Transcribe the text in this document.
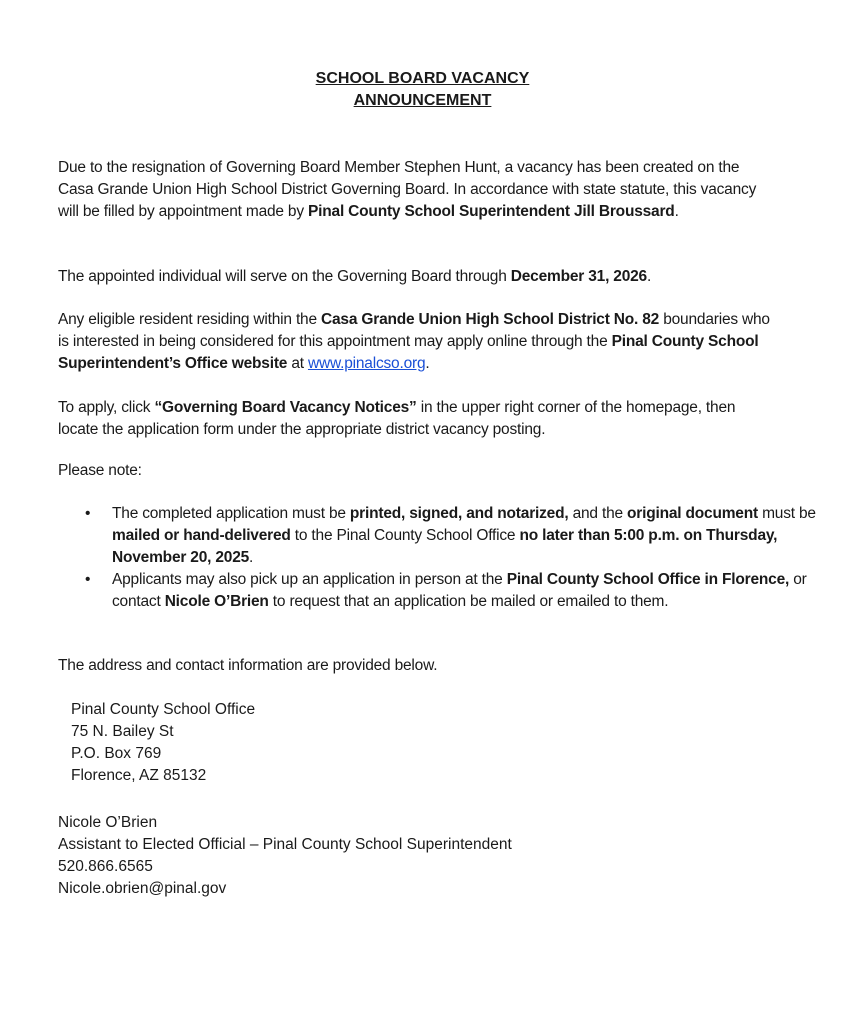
SCHOOL BOARD VACANCY
ANNOUNCEMENT
Due to the resignation of Governing Board Member Stephen Hunt, a vacancy has been created on the Casa Grande Union High School District Governing Board. In accordance with state statute, this vacancy will be filled by appointment made by Pinal County School Superintendent Jill Broussard.
The appointed individual will serve on the Governing Board through December 31, 2026.
Any eligible resident residing within the Casa Grande Union High School District No. 82 boundaries who is interested in being considered for this appointment may apply online through the Pinal County School Superintendent’s Office website at www.pinalcso.org.
To apply, click “Governing Board Vacancy Notices” in the upper right corner of the homepage, then locate the application form under the appropriate district vacancy posting.
Please note:
• The completed application must be printed, signed, and notarized, and the original document must be mailed or hand-delivered to the Pinal County School Office no later than 5:00 p.m. on Thursday, November 20, 2025.
• Applicants may also pick up an application in person at the Pinal County School Office in Florence, or contact Nicole O’Brien to request that an application be mailed or emailed to them.
The address and contact information are provided below.
Pinal County School Office
75 N. Bailey St
P.O. Box 769
Florence, AZ 85132
Nicole O’Brien
Assistant to Elected Official – Pinal County School Superintendent
520.866.6565
Nicole.obrien@pinal.gov
